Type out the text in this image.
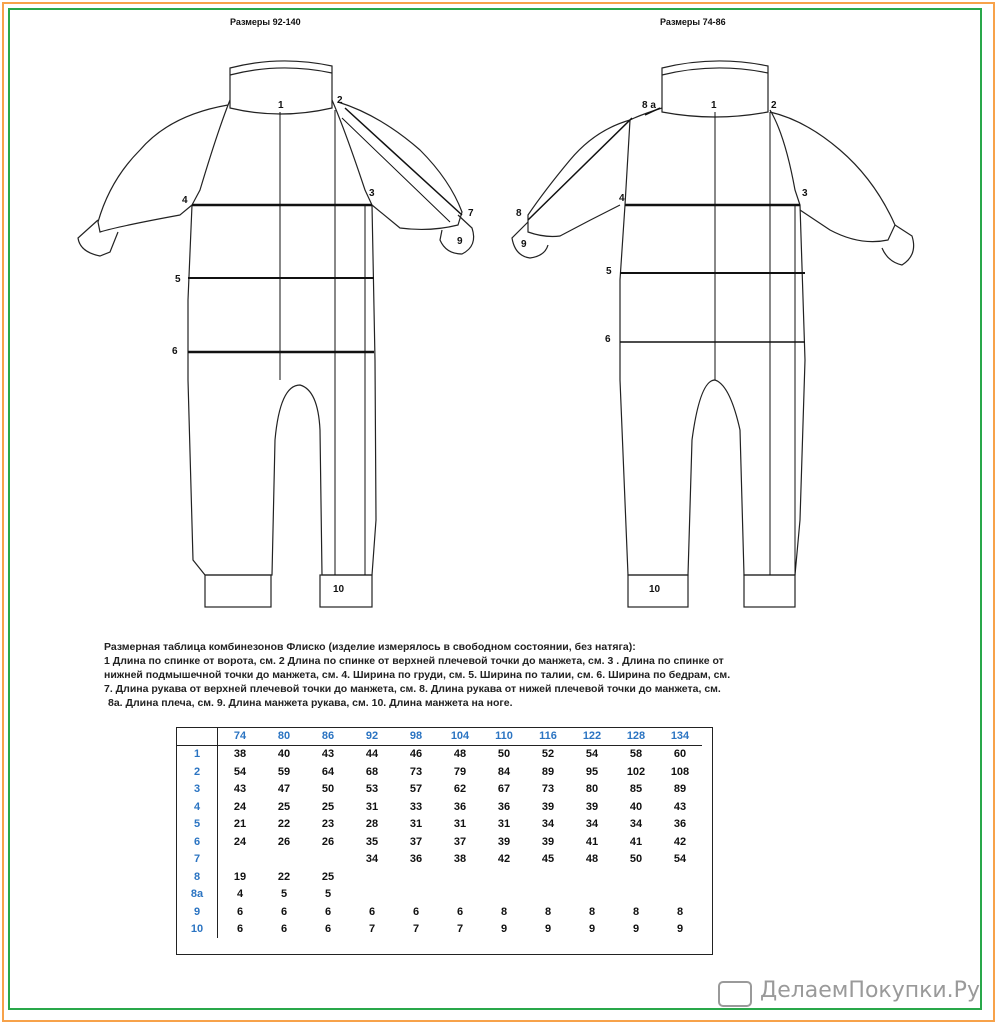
Размеры 92-140	Размеры 74-86
1	2
3
4
5
6
7
9
10
8 а	1	2
3
4
5
6
8
9
10

Размерная таблица комбинезонов Флиско (изделие измерялось в свободном состоянии, без натяга):

1 Длина по спинке от ворота, см. 2 Длина по спинке от верхней плечевой точки до манжета, см. 3 . Длина по спинке от

нижней подмышечной точки до манжета, см. 4. Ширина по груди, см. 5. Ширина по талии, см. 6. Ширина по бедрам, см.

7. Длина рукава от верхней плечевой точки до манжета, см. 8. Длина рукава от нижей плечевой точки до манжета, см.

8а. Длина плеча, см. 9. Длина манжета рукава, см. 10. Длина манжета на ноге.

	74	80	86	92	98	104	110	116	122	128	134
1	38	40	43	44	46	48	50	52	54	58	60
2	54	59	64	68	73	79	84	89	95	102	108
3	43	47	50	53	57	62	67	73	80	85	89
4	24	25	25	31	33	36	36	39	39	40	43
5	21	22	23	28	31	31	31	34	34	34	36
6	24	26	26	35	37	37	39	39	41	41	42
7				34	36	38	42	45	48	50	54
8	19	22	25								
8а	4	5	5								
9	6	6	6	6	6	6	8	8	8	8	8
10	6	6	6	7	7	7	9	9	9	9	9
ДелаемПокупки.Ру
